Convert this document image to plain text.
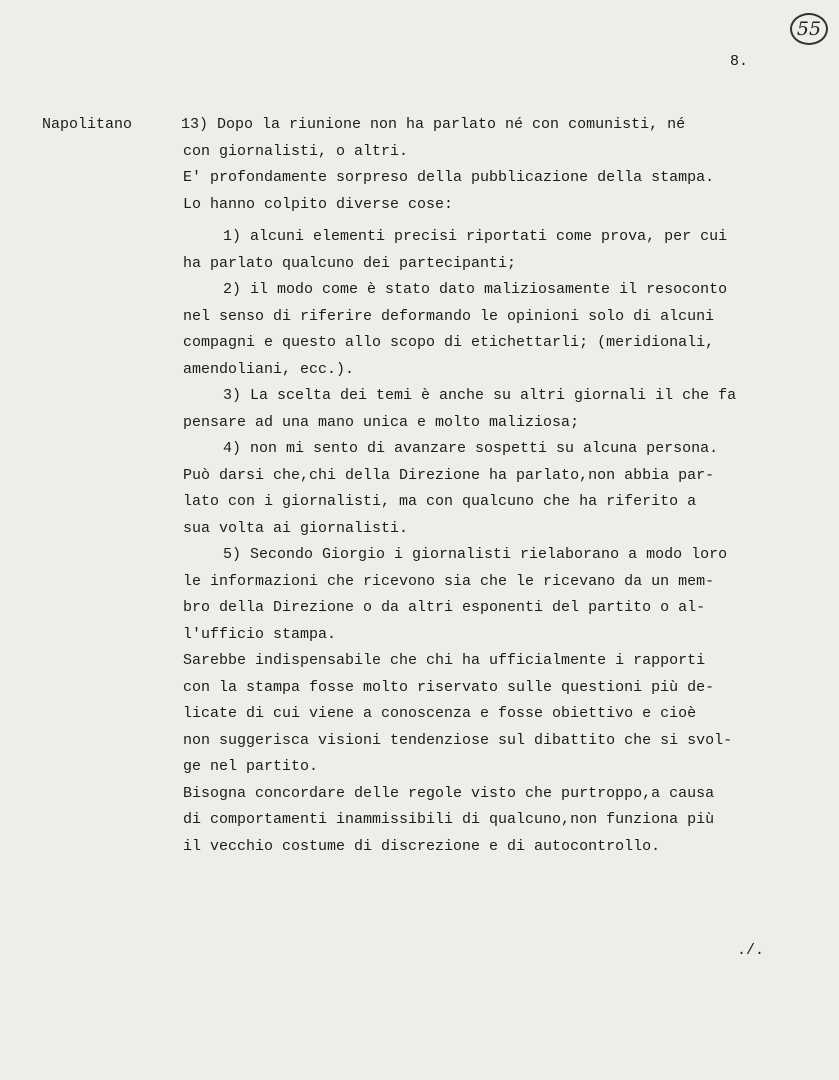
55
8.
Napolitano	13) Dopo la riunione non ha parlato né con comunisti, né
con giornalisti, o altri.
E' profondamente sorpreso della pubblicazione della stampa.
Lo hanno colpito diverse cose:
1) alcuni elementi precisi riportati come prova, per cui
ha parlato qualcuno dei partecipanti;
2) il modo come è stato dato maliziosamente il resoconto
nel senso di riferire deformando le opinioni solo di alcuni
compagni e questo allo scopo di etichettarli; (meridionali,
amendoliani, ecc.).
3) La scelta dei temi è anche su altri giornali il che fa
pensare ad una mano unica e molto maliziosa;
4) non mi sento di avanzare sospetti su alcuna persona.
Può darsi che,chi della Direzione ha parlato,non abbia par-
lato con i giornalisti, ma con qualcuno che ha riferito a
sua volta ai giornalisti.
5) Secondo Giorgio i giornalisti rielaborano a modo loro
le informazioni che ricevono sia che le ricevano da un mem-
bro della Direzione o da altri esponenti del partito o al-
l'ufficio stampa.
Sarebbe indispensabile che chi ha ufficialmente i rapporti
con la stampa fosse molto riservato sulle questioni più de-
licate di cui viene a conoscenza e fosse obiettivo e cioè
non suggerisca visioni tendenziose sul dibattito che si svol-
ge nel partito.
Bisogna concordare delle regole visto che purtroppo,a causa
di comportamenti inammissibili di qualcuno,non funziona più
il vecchio costume di discrezione e di autocontrollo.
./.
